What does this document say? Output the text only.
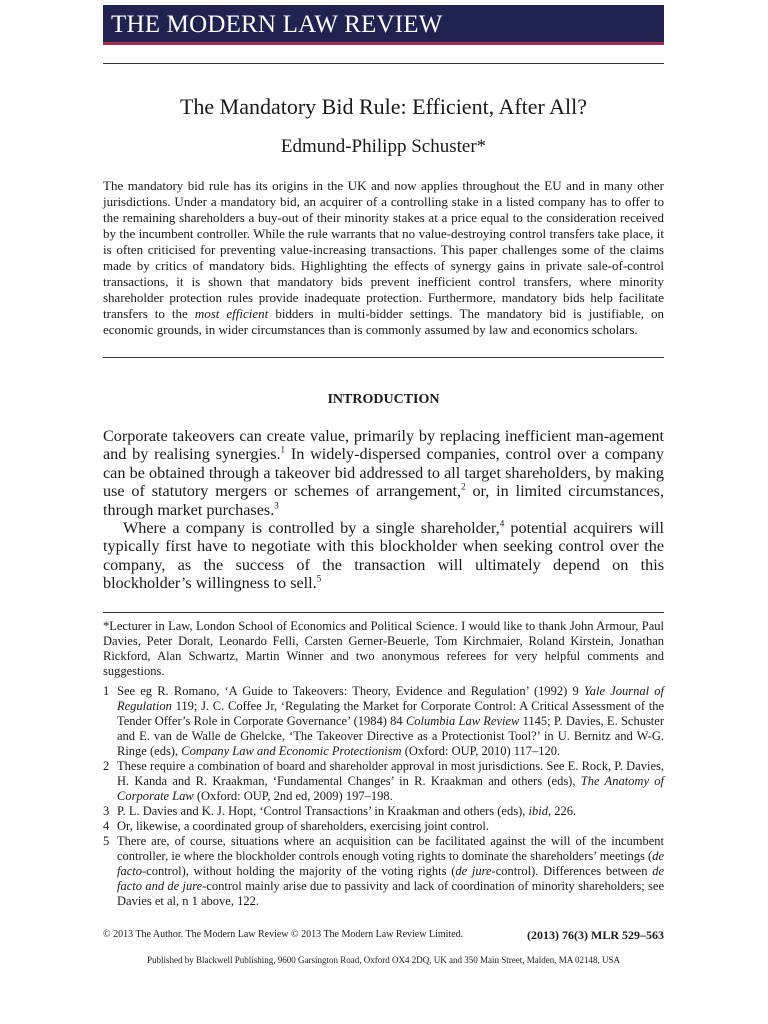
THE MODERN LAW REVIEW
The Mandatory Bid Rule: Efficient, After All?
Edmund-Philipp Schuster*
The mandatory bid rule has its origins in the UK and now applies throughout the EU and in many other jurisdictions. Under a mandatory bid, an acquirer of a controlling stake in a listed company has to offer to the remaining shareholders a buy-out of their minority stakes at a price equal to the consideration received by the incumbent controller. While the rule warrants that no value-destroying control transfers take place, it is often criticised for preventing value-increasing transactions. This paper challenges some of the claims made by critics of mandatory bids. Highlighting the effects of synergy gains in private sale-of-control transactions, it is shown that mandatory bids prevent inefficient control transfers, where minority shareholder protection rules provide inadequate protection. Furthermore, mandatory bids help facilitate transfers to the most efficient bidders in multi-bidder settings. The mandatory bid is justifiable, on economic grounds, in wider circumstances than is commonly assumed by law and economics scholars.
INTRODUCTION

Corporate takeovers can create value, primarily by replacing inefficient man-agement and by realising synergies.$^1$ In widely-dispersed companies, control over a company can be obtained through a takeover bid addressed to all target shareholders, by making use of statutory mergers or schemes of arrangement,$^2$ or, in limited circumstances, through market purchases.$^3$

Where a company is controlled by a single shareholder,$^4$ potential acquirers will typically first have to negotiate with this blockholder when seeking control over the company, as the success of the transaction will ultimately depend on this blockholder’s willingness to sell.$^5$

*Lecturer in Law, London School of Economics and Political Science. I would like to thank John Armour, Paul Davies, Peter Doralt, Leonardo Felli, Carsten Gerner-Beuerle, Tom Kirchmaier, Roland Kirstein, Jonathan Rickford, Alan Schwartz, Martin Winner and two anonymous referees for very helpful comments and suggestions.

1 See eg R. Romano, ‘A Guide to Takeovers: Theory, Evidence and Regulation’ (1992) 9 Yale Journal of Regulation 119; J. C. Coffee Jr, ‘Regulating the Market for Corporate Control: A Critical Assessment of the Tender Offer’s Role in Corporate Governance’ (1984) 84 Columbia Law Review 1145; P. Davies, E. Schuster and E. van de Walle de Ghelcke, ‘The Takeover Directive as a Protectionist Tool?’ in U. Bernitz and W-G. Ringe (eds), Company Law and Economic Protectionism (Oxford: OUP, 2010) 117–120.

2 These require a combination of board and shareholder approval in most jurisdictions. See E. Rock, P. Davies, H. Kanda and R. Kraakman, ‘Fundamental Changes’ in R. Kraakman and others (eds), The Anatomy of Corporate Law (Oxford: OUP, 2nd ed, 2009) 197–198.

3 P. L. Davies and K. J. Hopt, ‘Control Transactions’ in Kraakman and others (eds), ibid, 226.

4 Or, likewise, a coordinated group of shareholders, exercising joint control.

5 There are, of course, situations where an acquisition can be facilitated against the will of the incumbent controller, ie where the blockholder controls enough voting rights to dominate the shareholders’ meetings (de facto-control), without holding the majority of the voting rights (de jure-control). Differences between de facto and de jure-control mainly arise due to passivity and lack of coordination of minority shareholders; see Davies et al, n 1 above, 122.

© 2013 The Author. The Modern Law Review © 2013 The Modern Law Review Limited.	(2013) 76(3) MLR 529–563
Published by Blackwell Publishing, 9600 Garsington Road, Oxford OX4 2DQ, UK and 350 Main Street, Malden, MA 02148, USA
